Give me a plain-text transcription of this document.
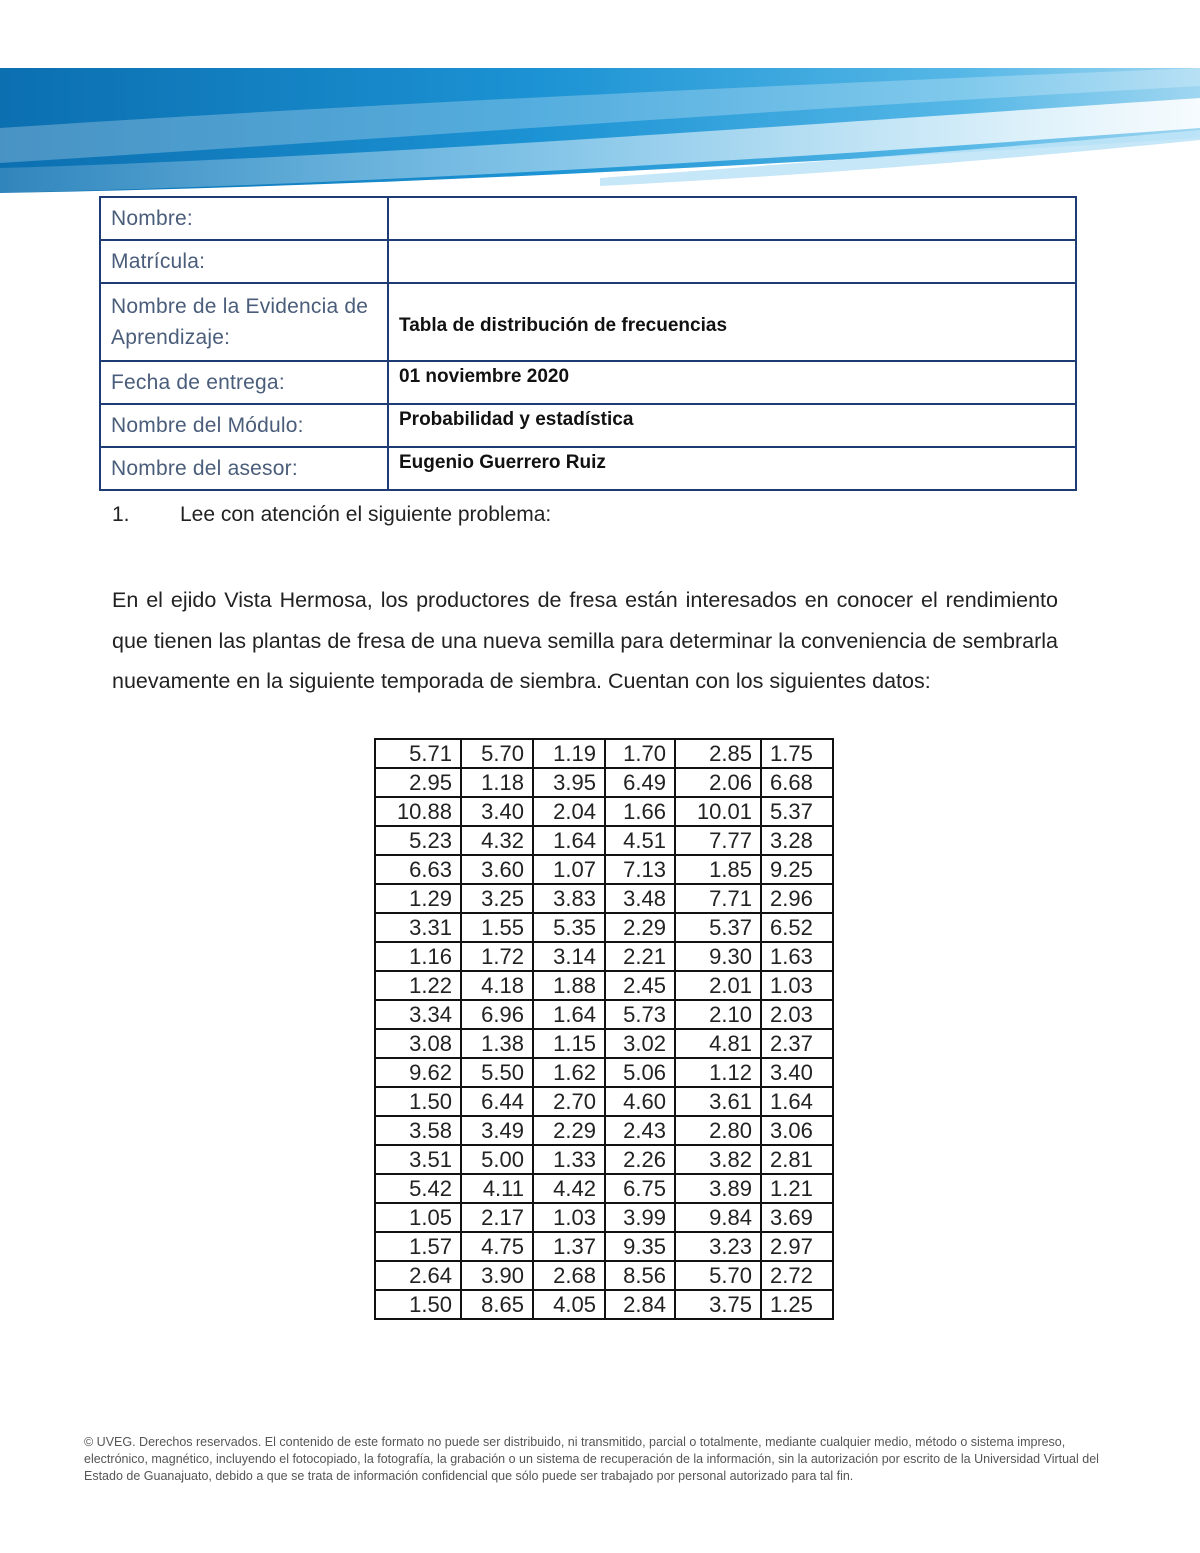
Nombre:	
Matrícula:	
Nombre de la Evidencia de Aprendizaje:	Tabla de distribución de frecuencias
Fecha de entrega:	01 noviembre 2020
Nombre del Módulo:	Probabilidad y estadística
Nombre del asesor:	Eugenio Guerrero Ruiz
1. Lee con atención el siguiente problema:

En el ejido Vista Hermosa, los productores de fresa están interesados en conocer el rendimiento que tienen las plantas de fresa de una nueva semilla para determinar la conveniencia de sembrarla nuevamente en la siguiente temporada de siembra. Cuentan con los siguientes datos:

5.71	5.70	1.19	1.70	2.85	1.75
2.95	1.18	3.95	6.49	2.06	6.68
10.88	3.40	2.04	1.66	10.01	5.37
5.23	4.32	1.64	4.51	7.77	3.28
6.63	3.60	1.07	7.13	1.85	9.25
1.29	3.25	3.83	3.48	7.71	2.96
3.31	1.55	5.35	2.29	5.37	6.52
1.16	1.72	3.14	2.21	9.30	1.63
1.22	4.18	1.88	2.45	2.01	1.03
3.34	6.96	1.64	5.73	2.10	2.03
3.08	1.38	1.15	3.02	4.81	2.37
9.62	5.50	1.62	5.06	1.12	3.40
1.50	6.44	2.70	4.60	3.61	1.64
3.58	3.49	2.29	2.43	2.80	3.06
3.51	5.00	1.33	2.26	3.82	2.81
5.42	4.11	4.42	6.75	3.89	1.21
1.05	2.17	1.03	3.99	9.84	3.69
1.57	4.75	1.37	9.35	3.23	2.97
2.64	3.90	2.68	8.56	5.70	2.72
1.50	8.65	4.05	2.84	3.75	1.25

© UVEG. Derechos reservados. El contenido de este formato no puede ser distribuido, ni transmitido, parcial o totalmente, mediante cualquier medio, método o sistema impreso, electrónico, magnético, incluyendo el fotocopiado, la fotografía, la grabación o un sistema de recuperación de la información, sin la autorización por escrito de la Universidad Virtual del Estado de Guanajuato, debido a que se trata de información confidencial que sólo puede ser trabajado por personal autorizado para tal fin.
